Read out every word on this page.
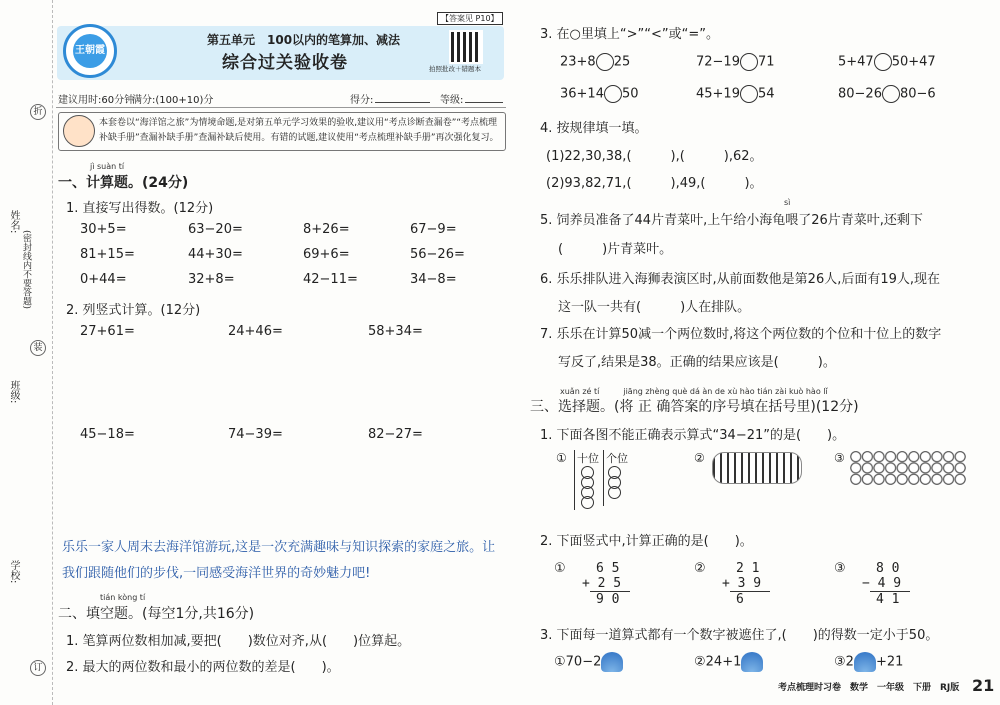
折
装
订
姓名:
(密封线内不要答题)
班级:
学校:
王朝霞
第五单元　100以内的笔算加、减法
综合过关验收卷
【答案见 P10】
拍照批改＋错题本
建议用时:60分钟
满分:(100+10)分	得分:	等级:
本套卷以“海洋馆之旅”为情境命题,是对第五单元学习效果的验收,建议用“考点诊断查漏卷”“考点梳理补缺手册”查漏补缺手册”查漏补缺后使用。有错的试题,建议使用“考点梳理补缺手册”再次强化复习。
jì suàn tí
一、计算题。(24分)
1. 直接写出得数。(12分)
30+5=	63−20=	8+26=	67−9=
81+15=	44+30=	69+6=	56−26=
0+44=	32+8=	42−11=	34−8=
2. 列竖式计算。(12分)
27+61=	24+46=	58+34=
45−18=	74−39=	82−27=
乐乐一家人周末去海洋馆游玩,这是一次充满趣味与知识探索的家庭之旅。让我们跟随他们的步伐,一同感受海洋世界的奇妙魅力吧!
tián kòng tí
二、填空题。(每空1分,共16分)
1. 笔算两位数相加减,要把(　　)数位对齐,从(　　)位算起。
2. 最大的两位数和最小的两位数的差是(　　)。
3. 在○里填上“>”“<”或“=”。
23+8 25	72−19 71	5+47 50+47
36+14 50	45+19 54	80−26 80−6
4. 按规律填一填。
(1)22,30,38,(　　　),(　　　),62。
(2)93,82,71,(　　　),49,(　　　)。
sì
5. 饲养员准备了44片青菜叶,上午给小海龟喂了26片青菜叶,还剩下
(　　　)片青菜叶。
6. 乐乐排队进入海狮表演区时,从前面数他是第26人,后面有19人,现在
这一队一共有(　　　)人在排队。
7. 乐乐在计算50减一个两位数时,将这个两位数的个位和十位上的数字
写反了,结果是38。正确的结果应该是(　　　)。
xuǎn zé tí　　　jiāng zhèng què dá àn de xù hào tián zài kuò hào lǐ
三、选择题。(将 正 确答案的序号填在括号里)(12分)
1. 下面各图不能正确表示算式“34−21”的是(　　)。
① 十位 个位	②	③
2. 下面竖式中,计算正确的是(　　)。
①	6 5
+ 2 5
9 0
②	2 1
+ 3 9
6
③	8 0
− 4 9
4 1
3. 下面每一道算式都有一个数字被遮住了,(　　)的得数一定小于50。
①70−2	②24+1	③2 +21
考点梳理时习卷　数学　一年级　下册　RJ版 21
